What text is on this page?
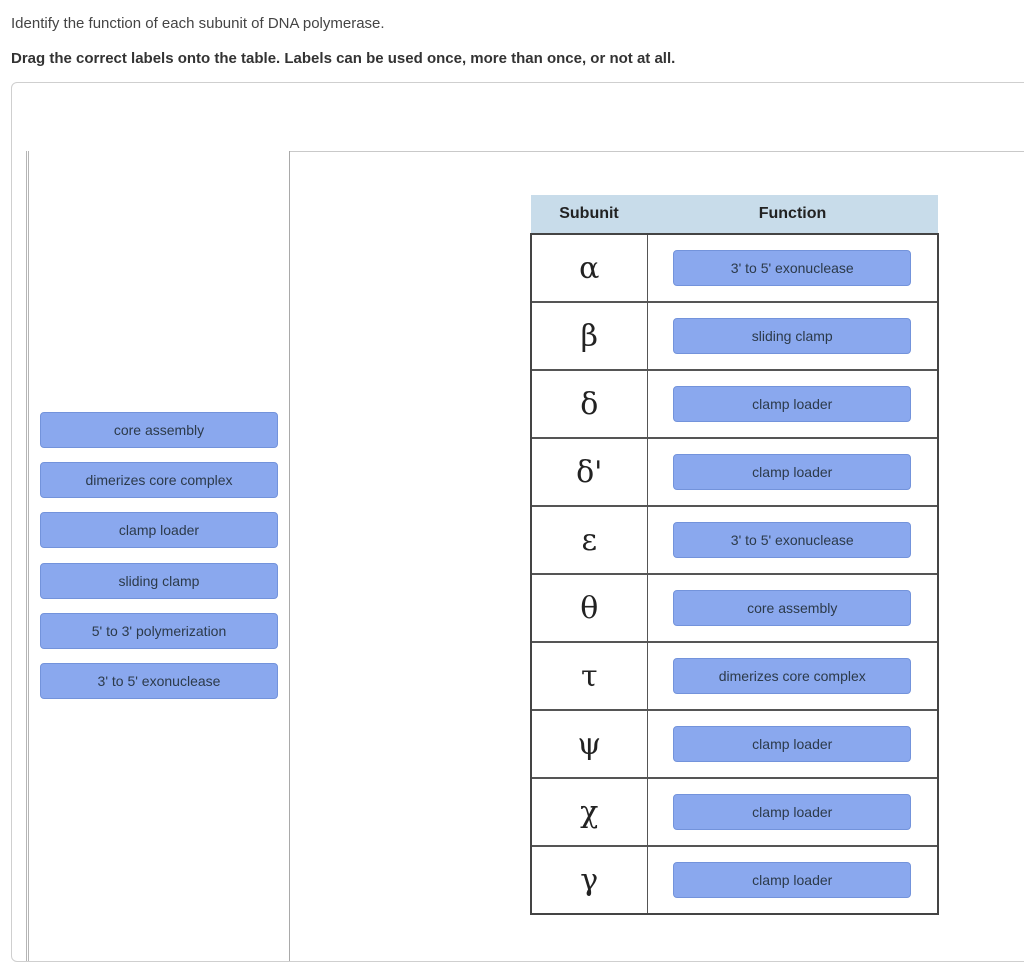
Identify the function of each subunit of DNA polymerase.
Drag the correct labels onto the table. Labels can be used once, more than once, or not at all.
core assembly
dimerizes core complex
clamp loader
sliding clamp
5' to 3' polymerization
3' to 5' exonuclease
Subunit	Function
α	3' to 5' exonuclease

β	sliding clamp

δ	clamp loader

δ'	clamp loader

ε	3' to 5' exonuclease

θ	core assembly

τ	dimerizes core complex

ψ	clamp loader

χ	clamp loader

γ	clamp loader
